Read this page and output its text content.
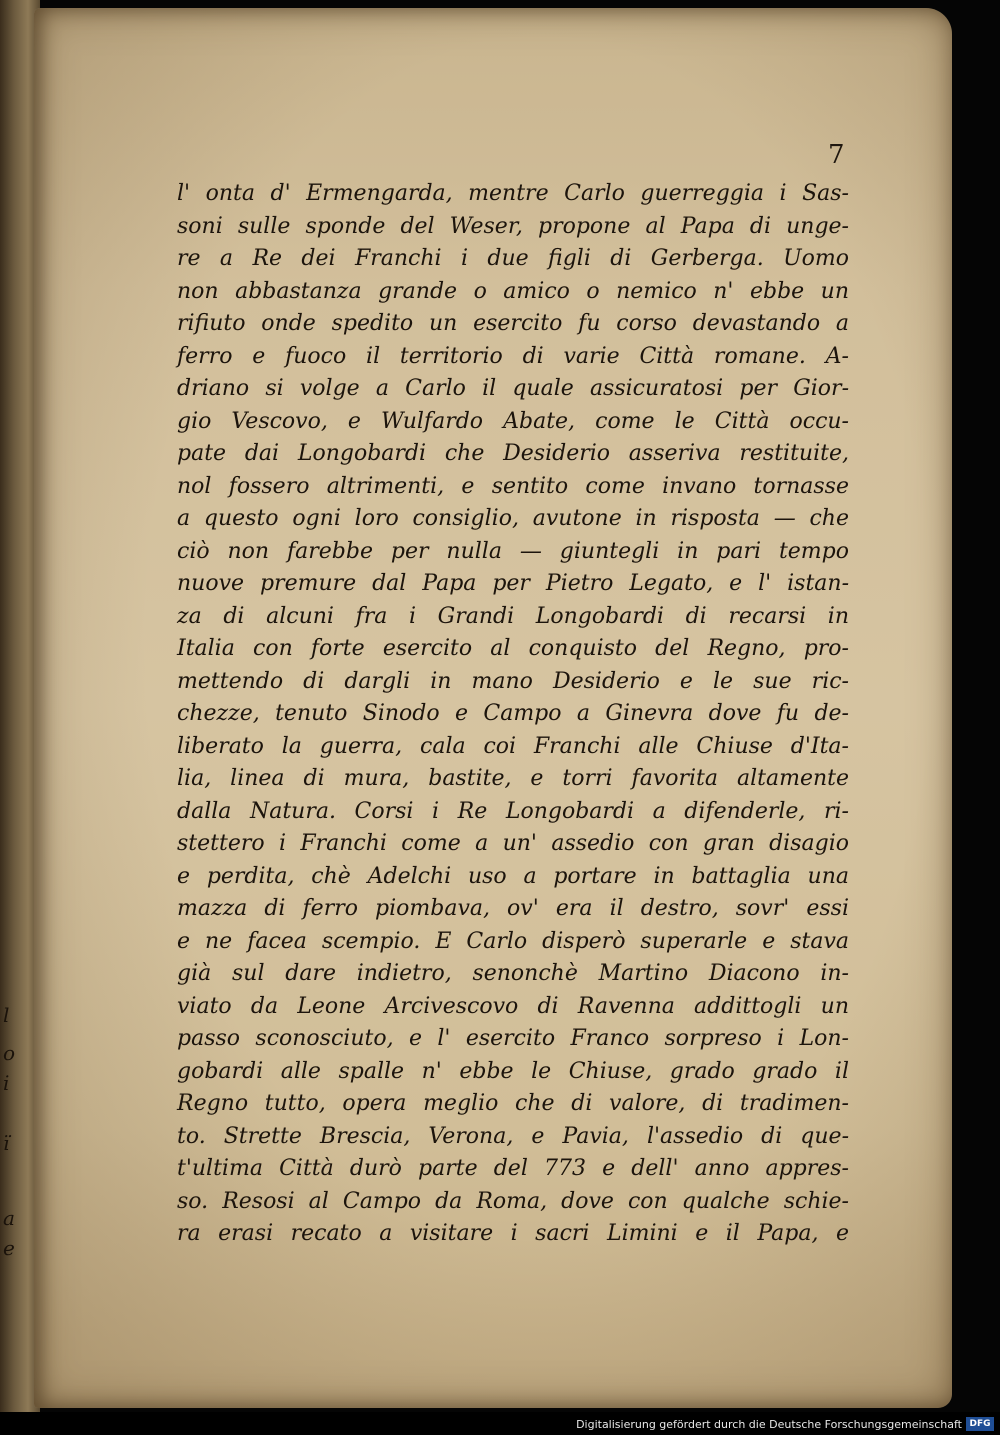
l
o
i
ï
a
e
7
l' onta d' Ermengarda, mentre Carlo guerreggia i Sas-
soni sulle sponde del Weser, propone al Papa di unge-
re a Re dei Franchi i due figli di Gerberga. Uomo
non abbastanza grande o amico o nemico n' ebbe un
rifiuto onde spedito un esercito fu corso devastando a
ferro e fuoco il territorio di varie Città romane. A-
driano si volge a Carlo il quale assicuratosi per Gior-
gio Vescovo, e Wulfardo Abate, come le Città occu-
pate dai Longobardi che Desiderio asseriva restituite,
nol fossero altrimenti, e sentito come invano tornasse
a questo ogni loro consiglio, avutone in risposta — che
ciò non farebbe per nulla — giuntegli in pari tempo
nuove premure dal Papa per Pietro Legato, e l' istan-
za di alcuni fra i Grandi Longobardi di recarsi in
Italia con forte esercito al conquisto del Regno, pro-
mettendo di dargli in mano Desiderio e le sue ric-
chezze, tenuto Sinodo e Campo a Ginevra dove fu de-
liberato la guerra, cala coi Franchi alle Chiuse d'Ita-
lia, linea di mura, bastite, e torri favorita altamente
dalla Natura. Corsi i Re Longobardi a difenderle, ri-
stettero i Franchi come a un' assedio con gran disagio
e perdita, chè Adelchi uso a portare in battaglia una
mazza di ferro piombava, ov' era il destro, sovr' essi
e ne facea scempio. E Carlo disperò superarle e stava
già sul dare indietro, senonchè Martino Diacono in-
viato da Leone Arcivescovo di Ravenna addittogli un
passo sconosciuto, e l' esercito Franco sorpreso i Lon-
gobardi alle spalle n' ebbe le Chiuse, grado grado il
Regno tutto, opera meglio che di valore, di tradimen-
to. Strette Brescia, Verona, e Pavia, l'assedio di que-
t'ultima Città durò parte del 773 e dell' anno appres-
so. Resosi al Campo da Roma, dove con qualche schie-
ra erasi recato a visitare i sacri Limini e il Papa, e
Digitalisierung gefördert durch die Deutsche Forschungsgemeinschaft DFG
